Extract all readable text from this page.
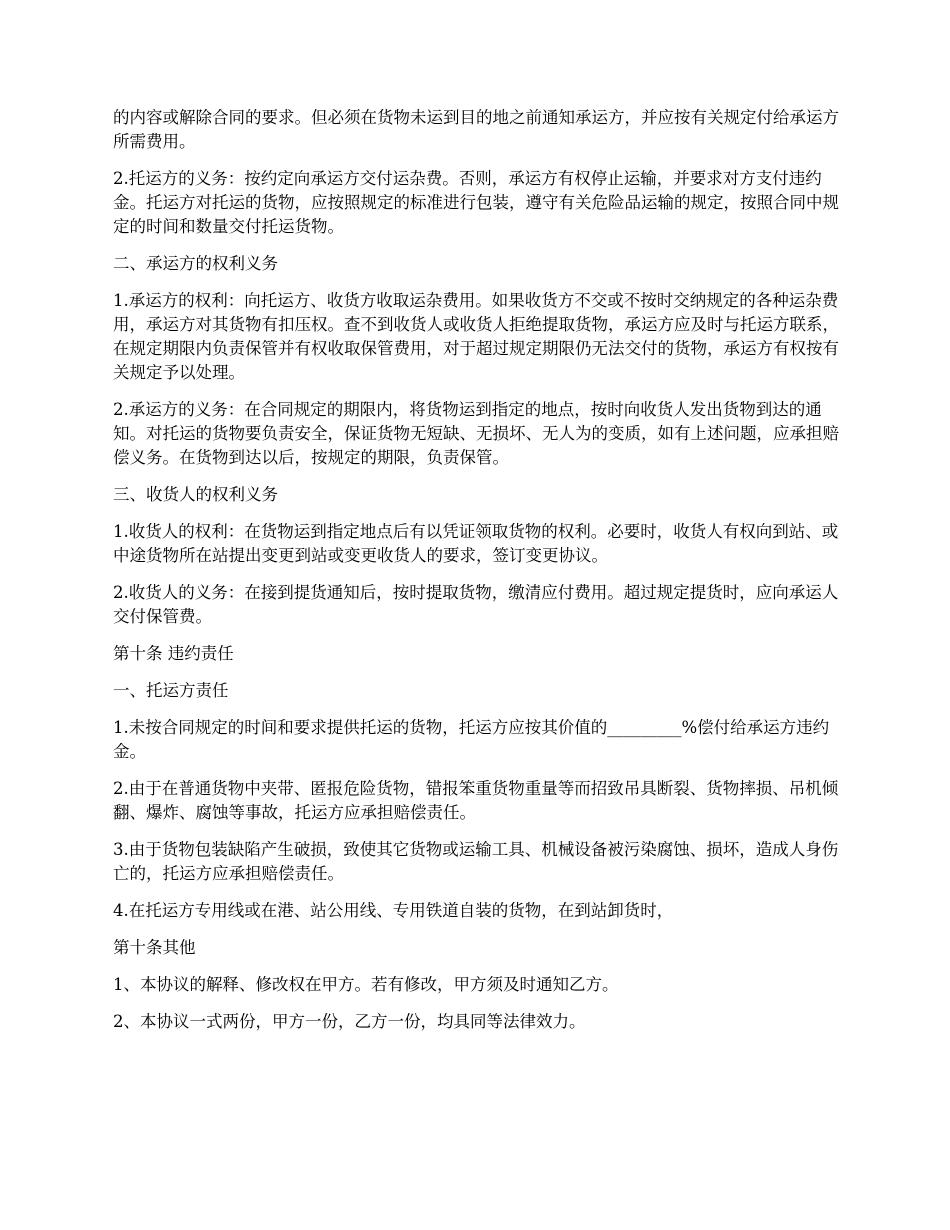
的内容或解除合同的要求。但必须在货物未运到目的地之前通知承运方，并应按有关规定付给承运方所需费用。

2.托运方的义务：按约定向承运方交付运杂费。否则，承运方有权停止运输，并要求对方支付违约金。托运方对托运的货物，应按照规定的标准进行包装，遵守有关危险品运输的规定，按照合同中规定的时间和数量交付托运货物。

二、承运方的权利义务

1.承运方的权利：向托运方、收货方收取运杂费用。如果收货方不交或不按时交纳规定的各种运杂费用，承运方对其货物有扣压权。查不到收货人或收货人拒绝提取货物，承运方应及时与托运方联系，在规定期限内负责保管并有权收取保管费用，对于超过规定期限仍无法交付的货物，承运方有权按有关规定予以处理。

2.承运方的义务：在合同规定的期限内，将货物运到指定的地点，按时向收货人发出货物到达的通知。对托运的货物要负责安全，保证货物无短缺、无损坏、无人为的变质，如有上述问题，应承担赔偿义务。在货物到达以后，按规定的期限，负责保管。

三、收货人的权利义务

1.收货人的权利：在货物运到指定地点后有以凭证领取货物的权利。必要时，收货人有权向到站、或中途货物所在站提出变更到站或变更收货人的要求，签订变更协议。

2.收货人的义务：在接到提货通知后，按时提取货物，缴清应付费用。超过规定提货时，应向承运人交付保管费。

第十条 违约责任

一、托运方责任

1.未按合同规定的时间和要求提供托运的货物，托运方应按其价值的_________%偿付给承运方违约金。

2.由于在普通货物中夹带、匿报危险货物，错报笨重货物重量等而招致吊具断裂、货物摔损、吊机倾翻、爆炸、腐蚀等事故，托运方应承担赔偿责任。

3.由于货物包装缺陷产生破损，致使其它货物或运输工具、机械设备被污染腐蚀、损坏，造成人身伤亡的，托运方应承担赔偿责任。

4.在托运方专用线或在港、站公用线、专用铁道自装的货物，在到站卸货时，

第十条其他

1、本协议的解释、修改权在甲方。若有修改，甲方须及时通知乙方。

2、本协议一式两份，甲方一份，乙方一份，均具同等法律效力。
